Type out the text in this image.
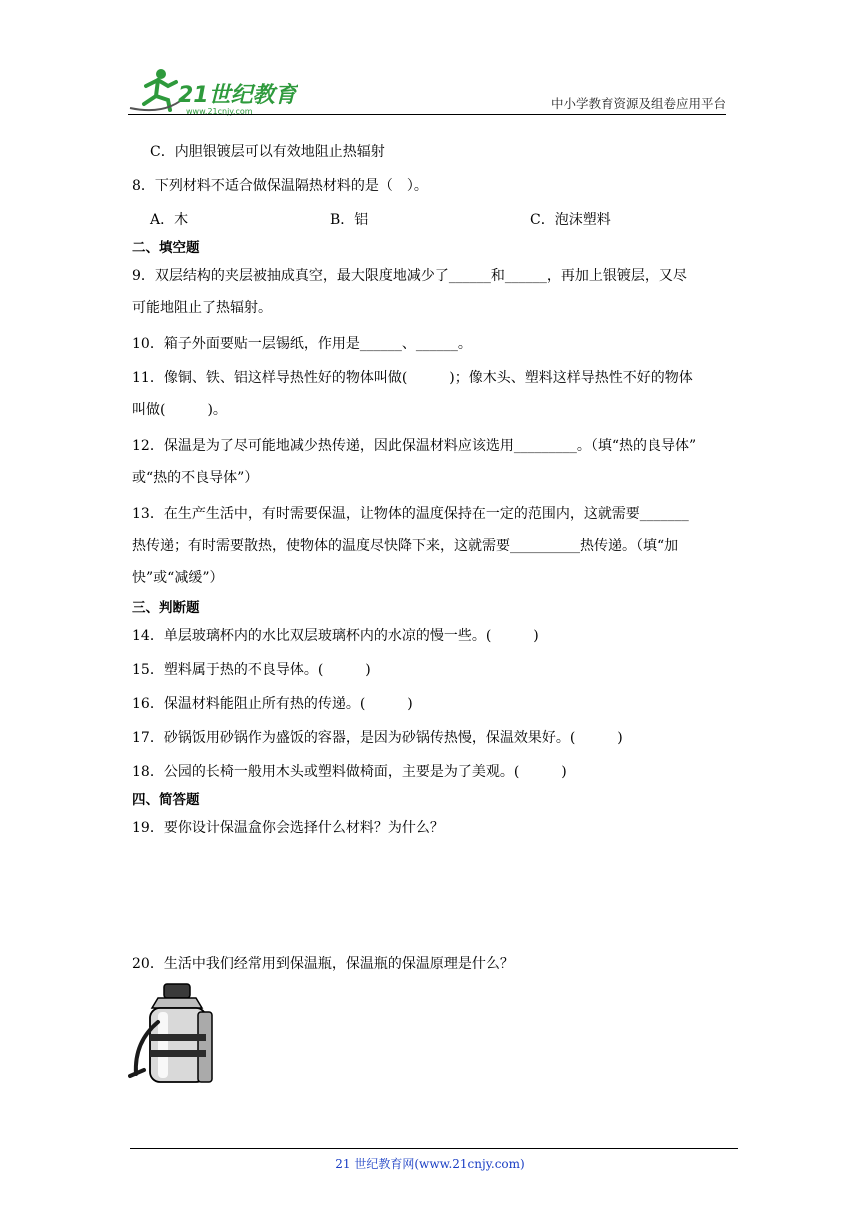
21世纪教育
www.21cnjy.com
中小学教育资源及组卷应用平台
C．内胆银镀层可以有效地阻止热辐射
8．下列材料不适合做保温隔热材料的是（　）。
A．木	B．铝	C．泡沫塑料
二、填空题
9．双层结构的夹层被抽成真空，最大限度地减少了______和______，再加上银镀层，又尽
可能地阻止了热辐射。
10．箱子外面要贴一层锡纸，作用是______、______。
11．像铜、铁、铝这样导热性好的物体叫做(　　　)；像木头、塑料这样导热性不好的物体
叫做(　　　)。
12．保温是为了尽可能地减少热传递，因此保温材料应该选用_________。（填“热的良导体”
或“热的不良导体”）
13．在生产生活中，有时需要保温，让物体的温度保持在一定的范围内，这就需要_______
热传递；有时需要散热，使物体的温度尽快降下来，这就需要__________热传递。（填“加
快”或“减缓”）
三、判断题
14．单层玻璃杯内的水比双层玻璃杯内的水凉的慢一些。(　　　)
15．塑料属于热的不良导体。(　　　)
16．保温材料能阻止所有热的传递。(　　　)
17．砂锅饭用砂锅作为盛饭的容器，是因为砂锅传热慢，保温效果好。(　　　)
18．公园的长椅一般用木头或塑料做椅面，主要是为了美观。(　　　)
四、简答题
19．要你设计保温盒你会选择什么材料？为什么？
20．生活中我们经常用到保温瓶，保温瓶的保温原理是什么？
21 世纪教育网(www.21cnjy.com)
